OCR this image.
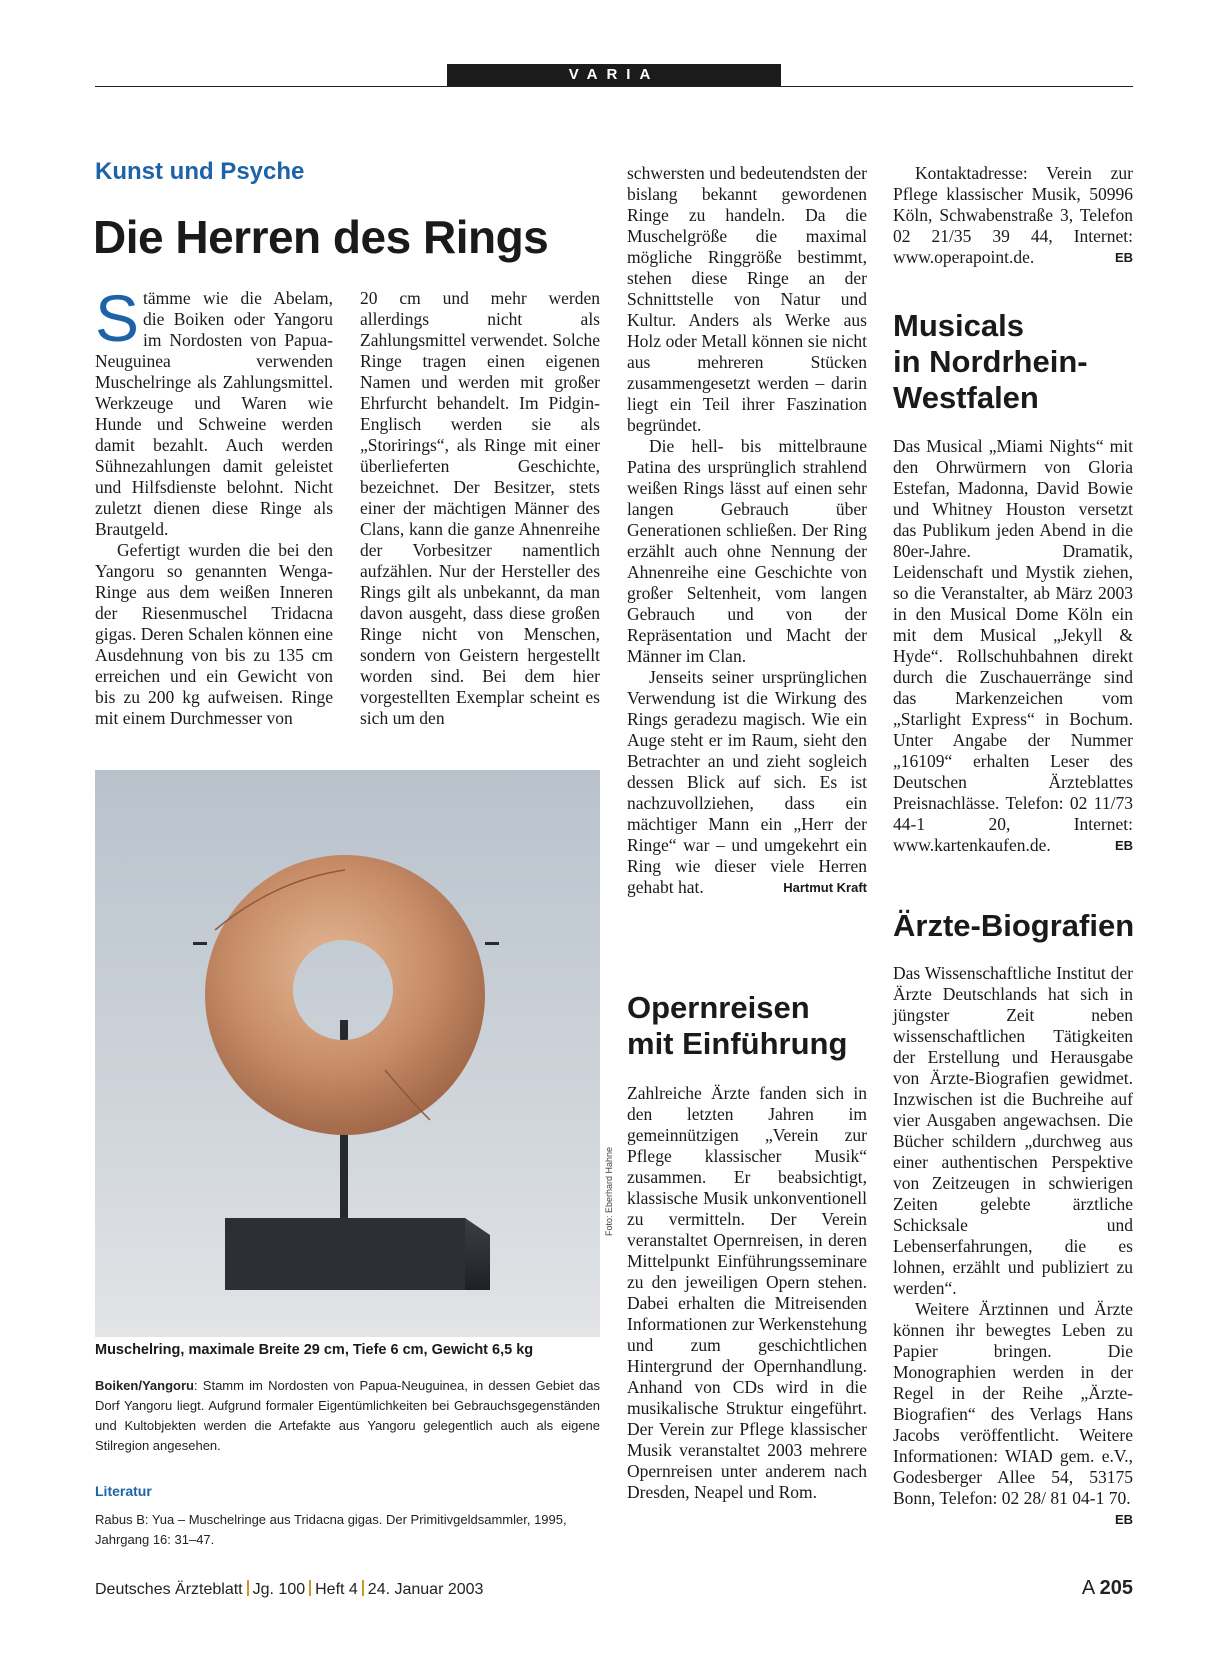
VARIA
Kunst und Psyche
Die Herren des Rings

Stämme wie die Abelam, die Boiken oder Yangoru im Nordosten von Papua-Neuguinea verwenden Muschelringe als Zahlungsmittel. Werkzeuge und Waren wie Hunde und Schweine werden damit bezahlt. Auch werden Sühnezahlungen damit geleistet und Hilfsdienste belohnt. Nicht zuletzt dienen diese Ringe als Brautgeld.

Gefertigt wurden die bei den Yangoru so genannten Wenga-Ringe aus dem weißen Inneren der Riesenmuschel Tridacna gigas. Deren Schalen können eine Ausdehnung von bis zu 135 cm erreichen und ein Gewicht von bis zu 200 kg aufweisen. Ringe mit einem Durchmesser von

20 cm und mehr werden allerdings nicht als Zahlungsmittel verwendet. Solche Ringe tragen einen eigenen Namen und werden mit großer Ehrfurcht behandelt. Im Pidgin-Englisch werden sie als „Storirings“, als Ringe mit einer überlieferten Geschichte, bezeichnet. Der Besitzer, stets einer der mächtigen Männer des Clans, kann die ganze Ahnenreihe der Vorbesitzer namentlich aufzählen. Nur der Hersteller des Rings gilt als unbekannt, da man davon ausgeht, dass diese großen Ringe nicht von Menschen, sondern von Geistern hergestellt worden sind. Bei dem hier vorgestellten Exemplar scheint es sich um den

schwersten und bedeutendsten der bislang bekannt gewordenen Ringe zu handeln. Da die Muschelgröße die maximal mögliche Ringgröße bestimmt, stehen diese Ringe an der Schnittstelle von Natur und Kultur. Anders als Werke aus Holz oder Metall können sie nicht aus mehreren Stücken zusammengesetzt werden – darin liegt ein Teil ihrer Faszination begründet.

Die hell- bis mittelbraune Patina des ursprünglich strahlend weißen Rings lässt auf einen sehr langen Gebrauch über Generationen schließen. Der Ring erzählt auch ohne Nennung der Ahnenreihe eine Geschichte von großer Seltenheit, vom langen Gebrauch und von der Repräsentation und Macht der Männer im Clan.

Jenseits seiner ursprünglichen Verwendung ist die Wirkung des Rings geradezu magisch. Wie ein Auge steht er im Raum, sieht den Betrachter an und zieht sogleich dessen Blick auf sich. Es ist nachzuvollziehen, dass ein mächtiger Mann ein „Herr der Ringe“ war – und umgekehrt ein Ring wie dieser viele Herren gehabt hat.	Hartmut Kraft

Foto: Eberhard Hahne
Muschelring, maximale Breite 29 cm, Tiefe 6 cm, Gewicht 6,5 kg
Boiken/Yangoru: Stamm im Nordosten von Papua-Neuguinea, in dessen Gebiet das Dorf Yangoru liegt. Aufgrund formaler Eigentümlichkeiten bei Gebrauchsgegenständen und Kultobjekten werden die Artefakte aus Yangoru gelegentlich auch als eigene Stilregion angesehen.
Literatur
Rabus B: Yua – Muschelringe aus Tridacna gigas. Der Primitivgeldsammler, 1995, Jahrgang 16: 31–47.
Opernreisen
mit Einführung

Zahlreiche Ärzte fanden sich in den letzten Jahren im gemeinnützigen „Verein zur Pflege klassischer Musik“ zusammen. Er beabsichtigt, klassische Musik unkonventionell zu vermitteln. Der Verein veranstaltet Opernreisen, in deren Mittelpunkt Einführungsseminare zu den jeweiligen Opern stehen. Dabei erhalten die Mitreisenden Informationen zur Werkenstehung und zum geschichtlichen Hintergrund der Opernhandlung. Anhand von CDs wird in die musikalische Struktur eingeführt. Der Verein zur Pflege klassischer Musik veranstaltet 2003 mehrere Opernreisen unter anderem nach Dresden, Neapel und Rom.

Kontaktadresse: Verein zur Pflege klassischer Musik, 50996 Köln, Schwabenstraße 3, Telefon 02 21/35 39 44, Internet: www.operapoint.de.	EB

Musicals
in Nordrhein-
Westfalen

Das Musical „Miami Nights“ mit den Ohrwürmern von Gloria Estefan, Madonna, David Bowie und Whitney Houston versetzt das Publikum jeden Abend in die 80er-Jahre. Dramatik, Leidenschaft und Mystik ziehen, so die Veranstalter, ab März 2003 in den Musical Dome Köln ein mit dem Musical „Jekyll & Hyde“. Rollschuhbahnen direkt durch die Zuschauerränge sind das Markenzeichen vom „Starlight Express“ in Bochum. Unter Angabe der Nummer „16109“ erhalten Leser des Deutschen Ärzteblattes Preisnachlässe. Telefon: 02 11/73 44-1 20, Internet: www.kartenkaufen.de.	EB

Ärzte-Biografien

Das Wissenschaftliche Institut der Ärzte Deutschlands hat sich in jüngster Zeit neben wissenschaftlichen Tätigkeiten der Erstellung und Herausgabe von Ärzte-Biografien gewidmet. Inzwischen ist die Buchreihe auf vier Ausgaben angewachsen. Die Bücher schildern „durchweg aus einer authentischen Perspektive von Zeitzeugen in schwierigen Zeiten gelebte ärztliche Schicksale und Lebenserfahrungen, die es lohnen, erzählt und publiziert zu werden“.

Weitere Ärztinnen und Ärzte können ihr bewegtes Leben zu Papier bringen. Die Monographien werden in der Regel in der Reihe „Ärzte-Biografien“ des Verlags Hans Jacobs veröffentlicht. Weitere Informationen: WIAD gem. e.V., Godesberger Allee 54, 53175 Bonn, Telefon: 02 28/ 81 04-1 70.
EB

Deutsches Ärzteblatt Jg. 100 Heft 4 24. Januar 2003	A 205
